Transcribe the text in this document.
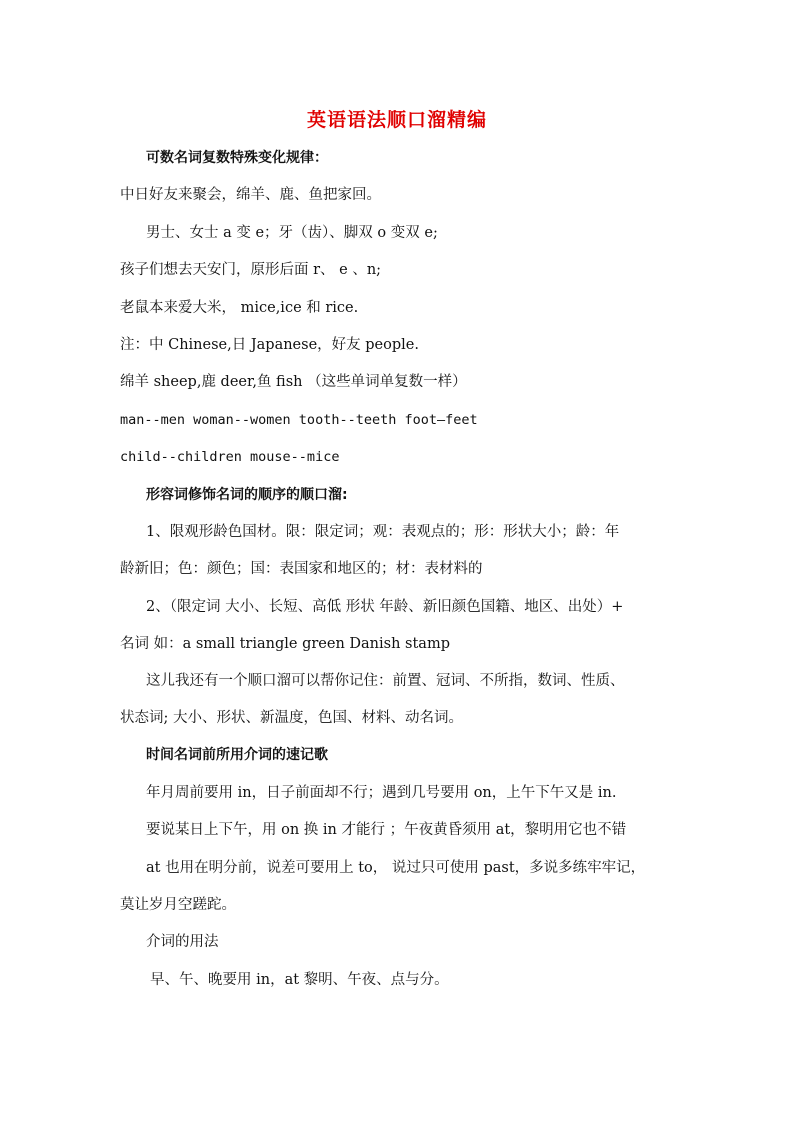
英语语法顺口溜精编
可数名词复数特殊变化规律：
中日好友来聚会，绵羊、鹿、鱼把家回。
男士、女士 a 变 e；牙（齿）、脚双 o 变双 e;
孩子们想去天安门，原形后面 r、 e 、n;
老鼠本来爱大米， mice,ice 和 rice.
注：中 Chinese,日 Japanese，好友 people.
绵羊 sheep,鹿 deer,鱼 fish （这些单词单复数一样）
man--men woman--women tooth--teeth foot—feet
child--children mouse--mice
形容词修饰名词的顺序的顺口溜:
1、限观形龄色国材。限：限定词；观：表观点的；形：形状大小；龄：年
龄新旧；色：颜色；国：表国家和地区的；材：表材料的
2、（限定词 大小、长短、高低 形状 年龄、新旧颜色国籍、地区、出处）+
名词 如：a small triangle green Danish stamp
这儿我还有一个顺口溜可以帮你记住：前置、冠词、不所指，数词、性质、
状态词; 大小、形状、新温度，色国、材料、动名词。
时间名词前所用介词的速记歌
年月周前要用 in，日子前面却不行；遇到几号要用 on，上午下午又是 in.
要说某日上下午，用 on 换 in 才能行 ；午夜黄昏须用 at，黎明用它也不错
at 也用在明分前，说差可要用上 to， 说过只可使用 past，多说多练牢牢记，
莫让岁月空蹉跎。
介词的用法
早、午、晚要用 in，at 黎明、午夜、点与分。
